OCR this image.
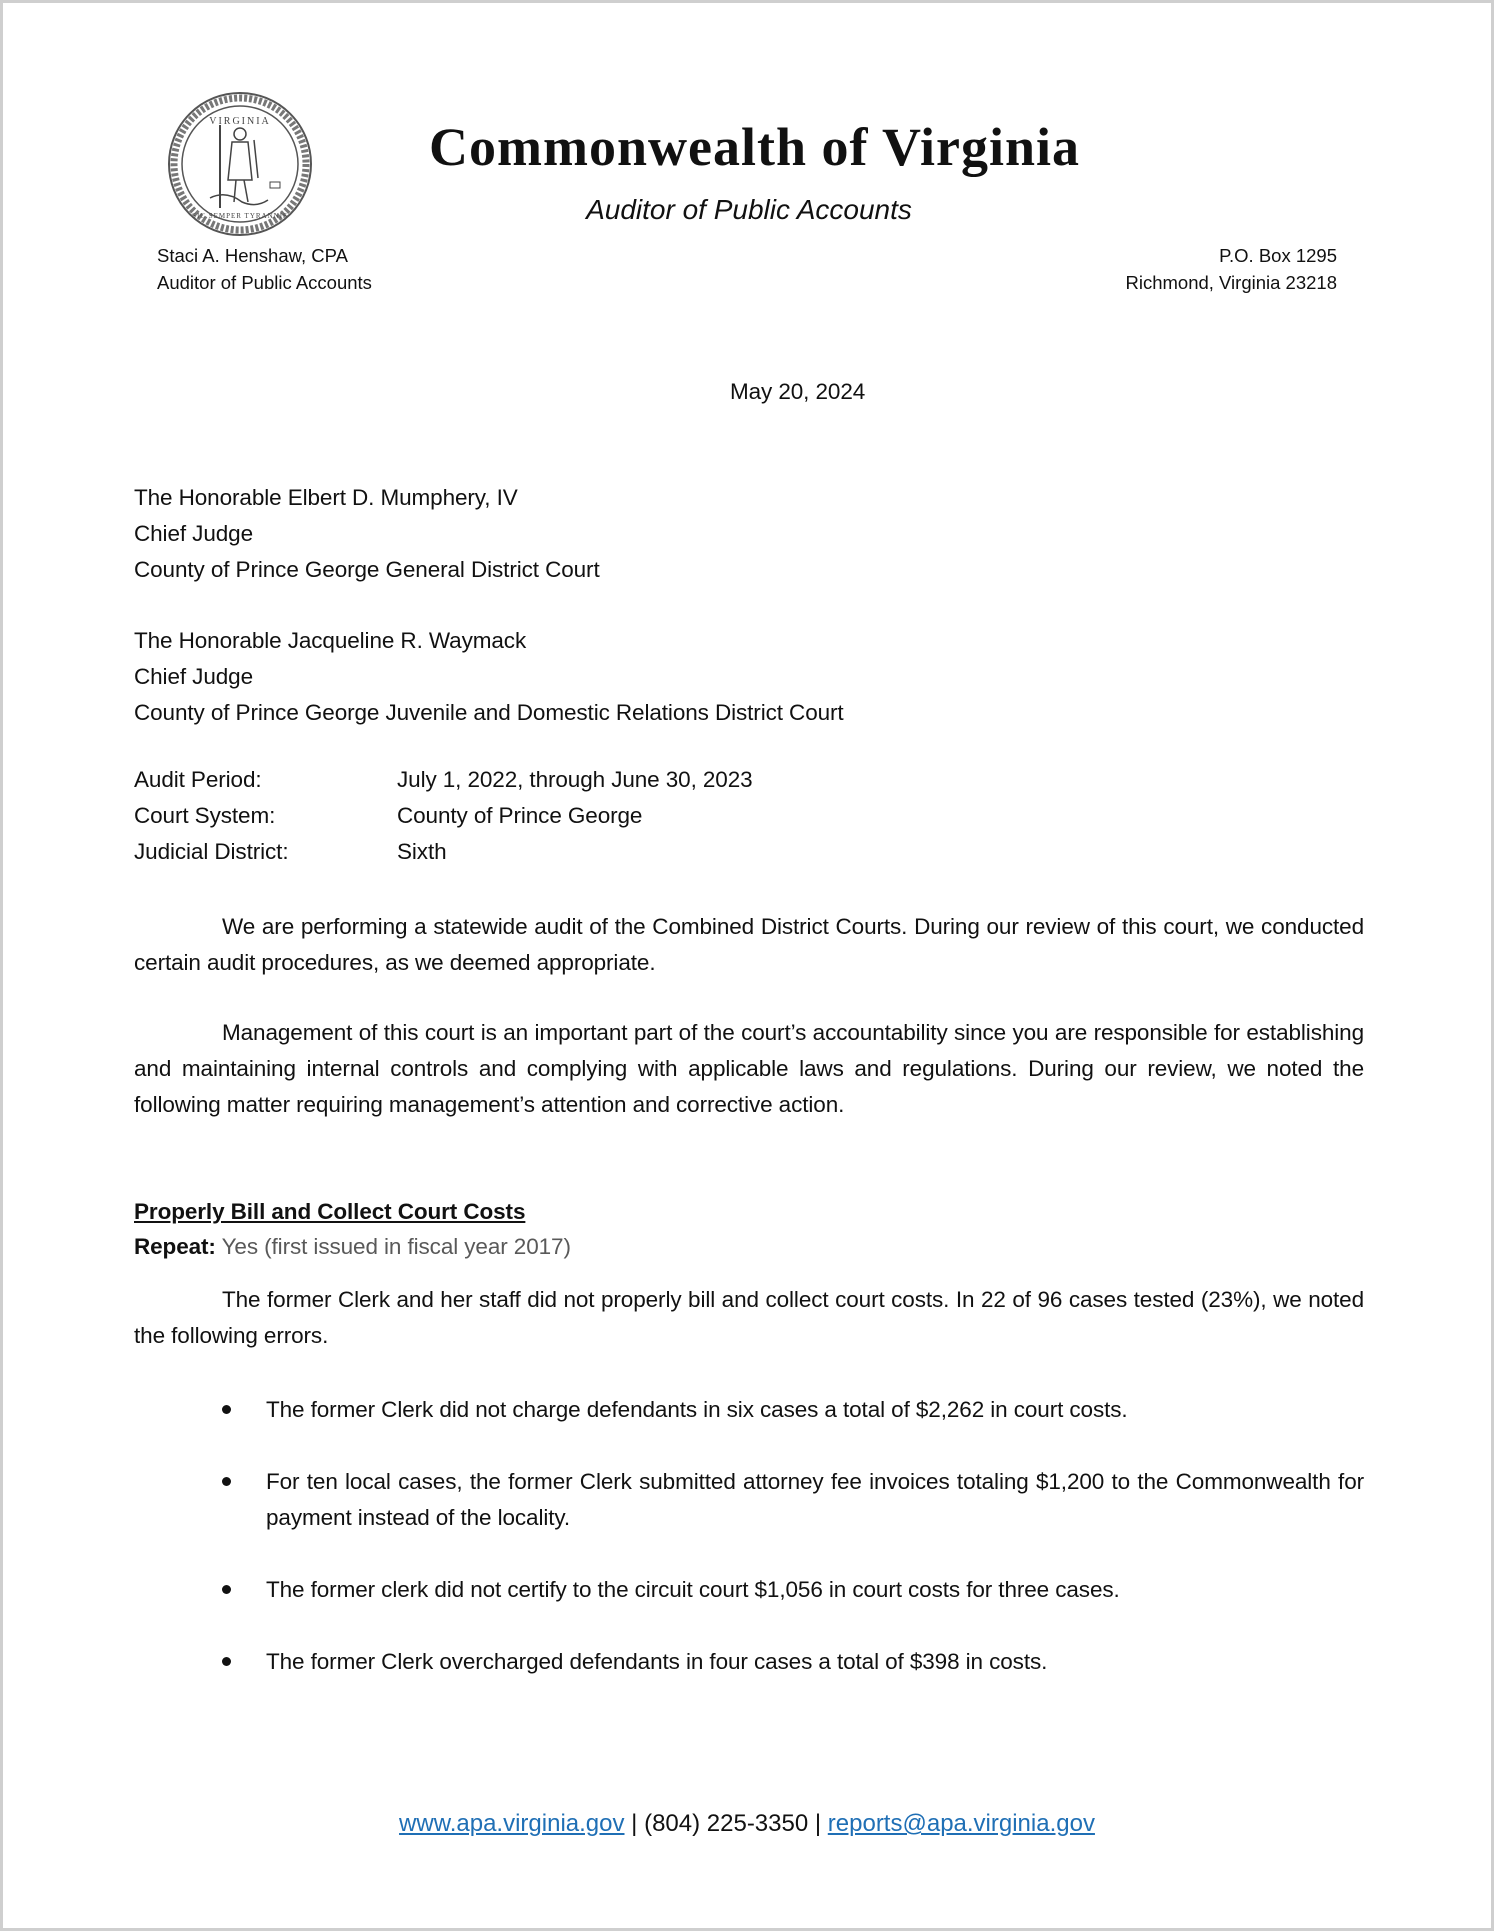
VIRGINIA
SIC SEMPER TYRANNIS
Commonwealth of Virginia
Auditor of Public Accounts
Staci A. Henshaw, CPA
Auditor of Public Accounts
P.O. Box 1295
Richmond, Virginia 23218
May 20, 2024
The Honorable Elbert D. Mumphery, IV
Chief Judge
County of Prince George General District Court
The Honorable Jacqueline R. Waymack
Chief Judge
County of Prince George Juvenile and Domestic Relations District Court
Audit Period:	July 1, 2022, through June 30, 2023
Court System:	County of Prince George
Judicial District:	Sixth
We are performing a statewide audit of the Combined District Courts. During our review of this court, we conducted certain audit procedures, as we deemed appropriate.
Management of this court is an important part of the court’s accountability since you are responsible for establishing and maintaining internal controls and complying with applicable laws and regulations. During our review, we noted the following matter requiring management’s attention and corrective action.
Properly Bill and Collect Court Costs
Repeat: Yes (first issued in fiscal year 2017)
The former Clerk and her staff did not properly bill and collect court costs. In 22 of 96 cases tested (23%), we noted the following errors.
The former Clerk did not charge defendants in six cases a total of $2,262 in court costs.
For ten local cases, the former Clerk submitted attorney fee invoices totaling $1,200 to the Commonwealth for payment instead of the locality.
The former clerk did not certify to the circuit court $1,056 in court costs for three cases.
The former Clerk overcharged defendants in four cases a total of $398 in costs.
www.apa.virginia.gov | (804) 225-3350 | reports@apa.virginia.gov
